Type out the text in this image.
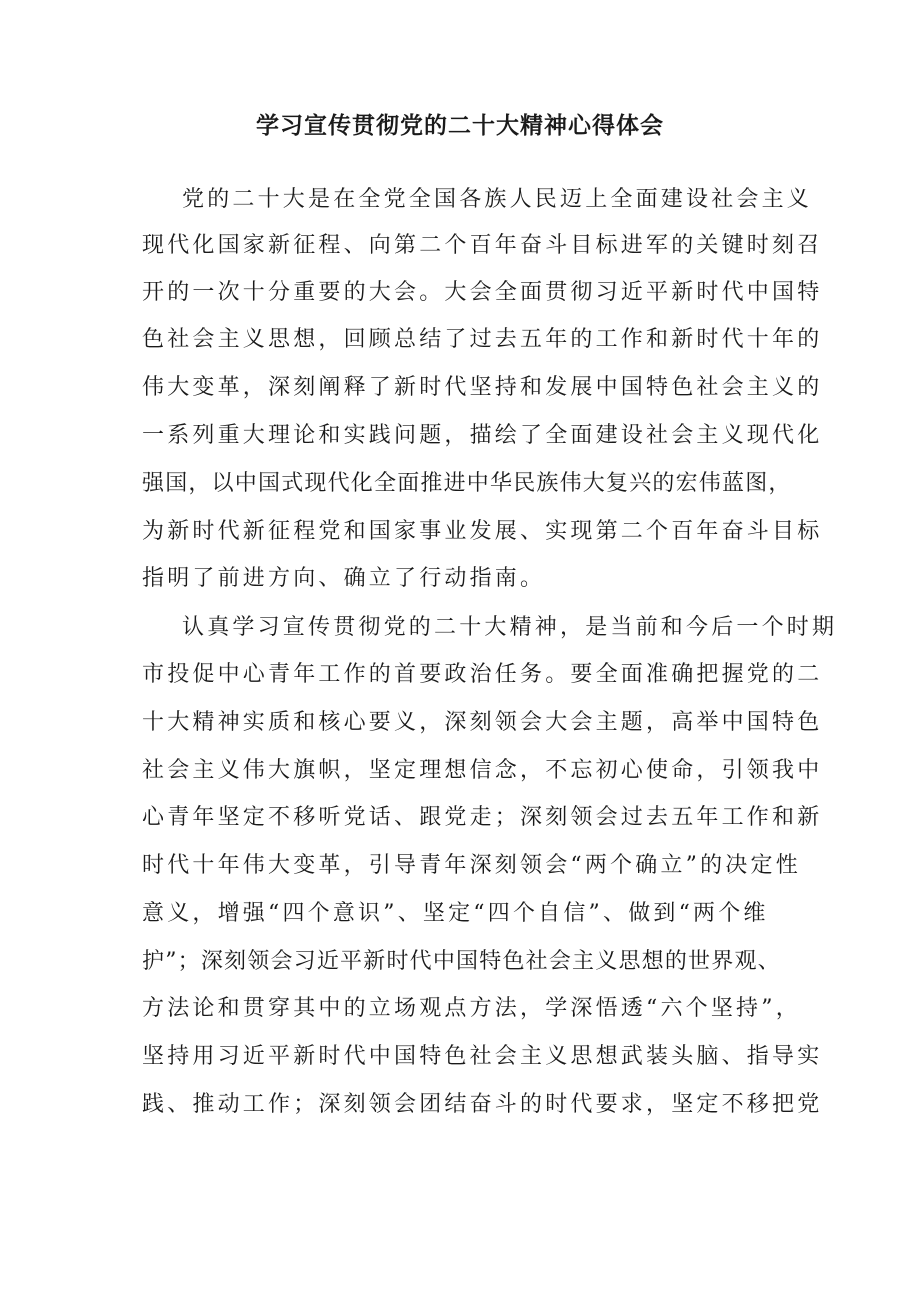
学习宣传贯彻党的二十大精神心得体会

党的二十大是在全党全国各族人民迈上全面建设社会主义

现代化国家新征程、向第二个百年奋斗目标进军的关键时刻召

开的一次十分重要的大会。大会全面贯彻习近平新时代中国特

色社会主义思想，回顾总结了过去五年的工作和新时代十年的

伟大变革，深刻阐释了新时代坚持和发展中国特色社会主义的

一系列重大理论和实践问题，描绘了全面建设社会主义现代化

强国，以中国式现代化全面推进中华民族伟大复兴的宏伟蓝图，

为新时代新征程党和国家事业发展、实现第二个百年奋斗目标

指明了前进方向、确立了行动指南。

认真学习宣传贯彻党的二十大精神，是当前和今后一个时期

市投促中心青年工作的首要政治任务。要全面准确把握党的二

十大精神实质和核心要义，深刻领会大会主题，高举中国特色

社会主义伟大旗帜，坚定理想信念，不忘初心使命，引领我中

心青年坚定不移听党话、跟党走；深刻领会过去五年工作和新

时代十年伟大变革，引导青年深刻领会“两个确立”的决定性

意义，增强“四个意识”、坚定“四个自信”、做到“两个维

护”；深刻领会习近平新时代中国特色社会主义思想的世界观、

方法论和贯穿其中的立场观点方法，学深悟透“六个坚持”，

坚持用习近平新时代中国特色社会主义思想武装头脑、指导实

践、推动工作；深刻领会团结奋斗的时代要求，坚定不移把党
